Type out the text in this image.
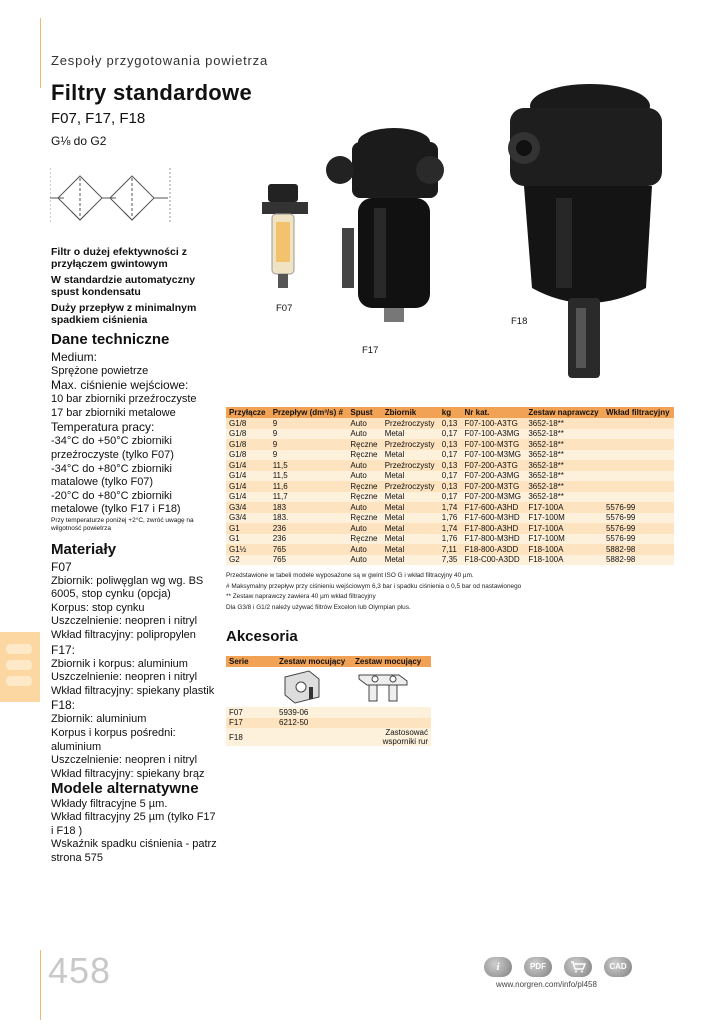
Zespoły przygotowania powietrza
Filtry standardowe
F07, F17, F18
G⅛ do G2
Filtr o dużej efektywności z przyłączem gwintowym
W standardzie automatyczny spust kondensatu
Duży przepływ z minimalnym spadkiem ciśnienia
Dane techniczne
Medium:
Sprężone powietrze
Max. ciśnienie wejściowe:
10 bar zbiorniki przeźroczyste
17 bar zbiorniki metalowe
Temperatura pracy:
-34°C do +50°C zbiorniki przeźroczyste (tylko F07)
-34°C do +80°C zbiorniki matalowe (tylko F07)
-20°C do +80°C zbiorniki metalowe (tylko F17 i F18)
Przy temperaturze poniżej +2°C, zwróć uwagę na wilgotność powietrza
Materiały
F07
Zbiornik: poliwęglan wg wg. BS 6005, stop cynku (opcja)
Korpus: stop cynku
Uszczelnienie: neopren i nitryl
Wkład filtracyjny: polipropylen
F17:
Zbiornik i korpus: aluminium
Uszczelnienie: neopren i nitryl
Wkład filtracyjny: spiekany plastik
F18:
Zbiornik: aluminium
Korpus i korpus pośredni: aluminium
Uszczelnienie: neopren i nitryl
Wkład filtracyjny: spiekany brąz
Modele alternatywne
Wkłady filtracyjne 5 µm.
Wkład filtracyjny 25 µm (tylko F17 i F18 )
Wskaźnik spadku ciśnienia - patrz strona 575
F07
F17
F18
Przyłącze	Przepływ (dm³/s) #	Spust	Zbiornik	kg	Nr kat.	Zestaw naprawczy	Wkład filtracyjny
G1/8	9	Auto	Przeźroczysty	0,13	F07-100-A3TG	3652-18**	
G1/8	9	Auto	Metal	0,17	F07-100-A3MG	3652-18**	
G1/8	9	Ręczne	Przeźroczysty	0,13	F07-100-M3TG	3652-18**	
G1/8	9	Ręczne	Metal	0,17	F07-100-M3MG	3652-18**	
G1/4	11,5	Auto	Przeźroczysty	0,13	F07-200-A3TG	3652-18**	
G1/4	11,5	Auto	Metal	0,17	F07-200-A3MG	3652-18**	
G1/4	11,6	Ręczne	Przeźroczysty	0,13	F07-200-M3TG	3652-18**	
G1/4	11,7	Ręczne	Metal	0,17	F07-200-M3MG	3652-18**	
G3/4	183	Auto	Metal	1,74	F17-600-A3HD	F17-100A	5576-99
G3/4	183.	Ręczne	Metal	1,76	F17-600-M3HD	F17-100M	5576-99
G1	236	Auto	Metal	1,74	F17-800-A3HD	F17-100A	5576-99
G1	236	Ręczne	Metal	1,76	F17-800-M3HD	F17-100M	5576-99
G1½	765	Auto	Metal	7,11	F18-800-A3DD	F18-100A	5882-98
G2	765	Auto	Metal	7,35	F18-C00-A3DD	F18-100A	5882-98
Przedstawione w tabeli modele wyposażone są w gwint ISO G i wkład filtracyjny 40 µm.
# Maksymalny przepływ przy ciśnieniu wejściowym 6,3 bar i spadku ciśnienia o 0,5 bar od nastawionego
** Zestaw naprawczy zawiera 40 µm wkład filtracyjny
Dla G3/8 i G1/2 należy używać filtrów Excelon lub Olympian plus.
Akcesoria
Serie	Zestaw mocujący	Zestaw mocujący

F07	5939-06	
F17	6212-50	
F18		Zastosować wsporniki rur
458	i	PDF	CAD
www.norgren.com/info/pl458
